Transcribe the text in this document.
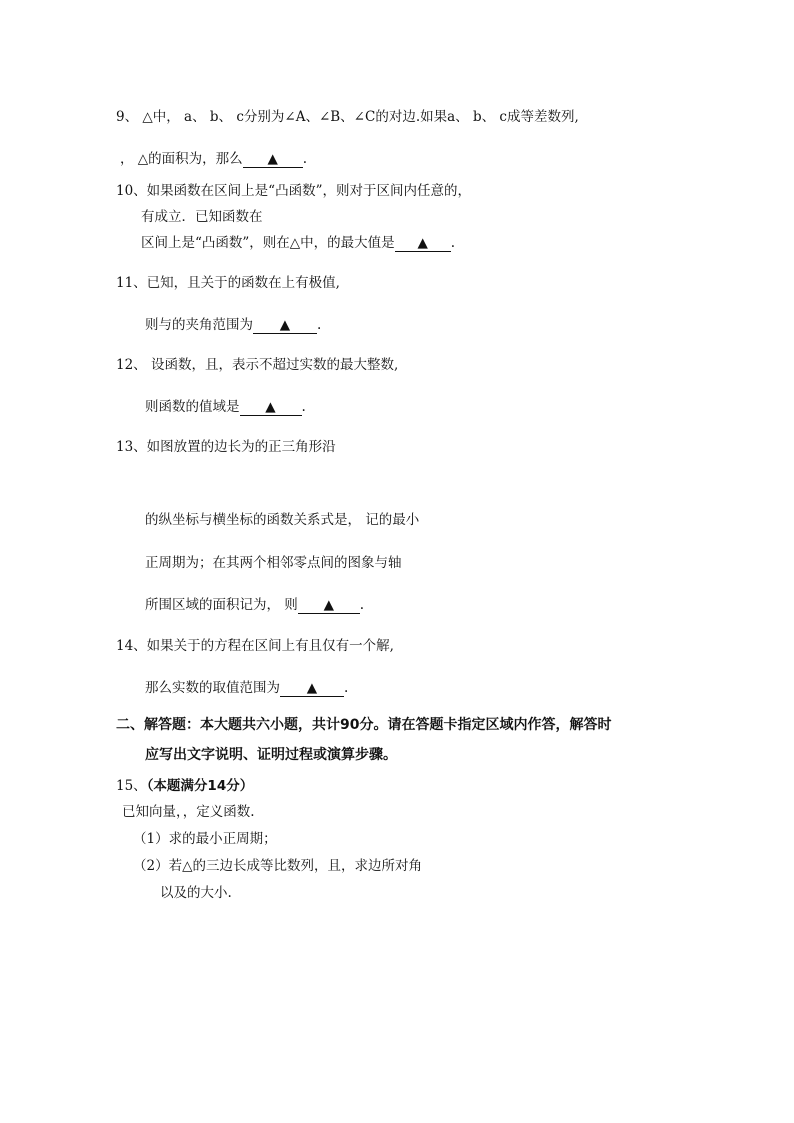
9、 △中， a、 b、 c分别为∠A、∠B、∠C的对边.如果a、 b、 c成等差数列,
， △的面积为，那么 ▲ .
10、如果函数在区间上是“凸函数”，则对于区间内任意的，
有成立．已知函数在
区间上是“凸函数”，则在△中，的最大值是 ▲ .
11、已知，且关于的函数在上有极值,
则与的夹角范围为 ▲ .
12、 设函数，且，表示不超过实数的最大整数,
则函数的值域是 ▲ .
13、如图放置的边长为的正三角形沿
的纵坐标与横坐标的函数关系式是， 记的最小
正周期为；在其两个相邻零点间的图象与轴
所围区域的面积记为， 则 ▲ .
14、如果关于的方程在区间上有且仅有一个解,
那么实数的取值范围为 ▲ .
二、解答题：本大题共六小题，共计90分。请在答题卡指定区域内作答，解答时
应写出文字说明、证明过程或演算步骤。
15、（本题满分14分）
已知向量，，定义函数.
（1）求的最小正周期；
（2）若△的三边长成等比数列，且，求边所对角
以及的大小.
